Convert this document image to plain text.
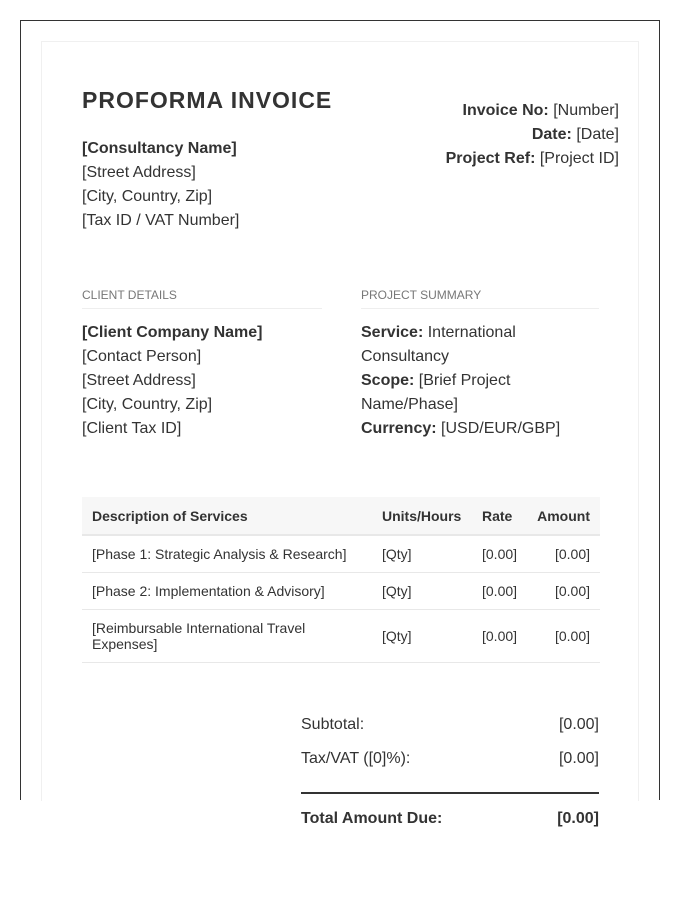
PROFORMA INVOICE
[Consultancy Name]
[Street Address]
[City, Country, Zip]
[Tax ID / VAT Number]
Invoice No: [Number]
Date: [Date]
Project Ref: [Project ID]
CLIENT DETAILS	PROJECT SUMMARY
[Client Company Name]
[Contact Person]
[Street Address]
[City, Country, Zip]
[Client Tax ID]
Service: International Consultancy
Scope: [Brief Project Name/Phase]
Currency: [USD/EUR/GBP]
Description of Services	Units/Hours	Rate	Amount
[Phase 1: Strategic Analysis & Research]	[Qty]	[0.00]	[0.00]
[Phase 2: Implementation & Advisory]	[Qty]	[0.00]	[0.00]
[Reimbursable International Travel Expenses]	[Qty]	[0.00]	[0.00]
Subtotal:	[0.00]
Tax/VAT ([0]%):	[0.00]
Total Amount Due:	[0.00]
